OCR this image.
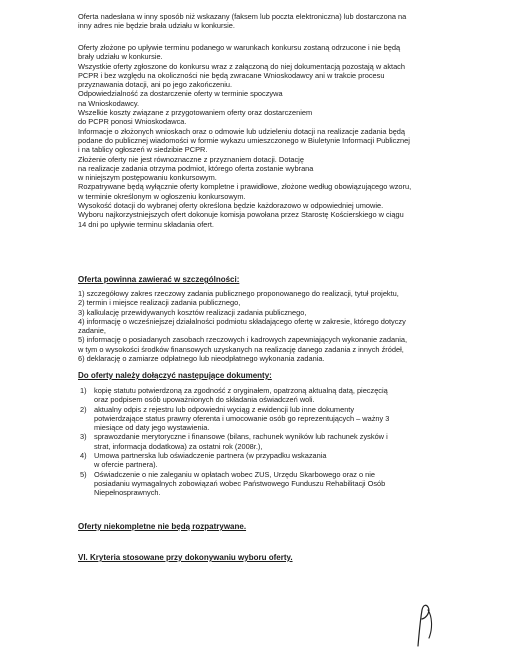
Oferta nadesłana w inny sposób niż wskazany (faksem lub poczta elektroniczna) lub dostarczona na
inny adres nie będzie brała udziału w konkursie.

Oferty złożone po upływie terminu podanego w warunkach konkursu zostaną odrzucone i nie będą
brały udziału w konkursie.
Wszystkie oferty zgłoszone do konkursu wraz z załączoną do niej dokumentacją pozostają w aktach
PCPR i bez względu na okoliczności nie będą zwracane Wnioskodawcy ani w trakcie procesu
przyznawania dotacji, ani po jego zakończeniu.
Odpowiedzialność za dostarczenie oferty w terminie spoczywa
na Wnioskodawcy.
Wszelkie koszty związane z przygotowaniem oferty oraz dostarczeniem
do PCPR ponosi Wnioskodawca.
Informacje o złożonych wnioskach oraz o odmowie lub udzieleniu dotacji na realizacje zadania będą
podane do publicznej wiadomości w formie wykazu umieszczonego w Biuletynie Informacji Publicznej
i na tablicy ogłoszeń w siedzibie PCPR.
Złożenie oferty nie jest równoznaczne z przyznaniem dotacji. Dotację
na realizacje zadania otrzyma podmiot, którego oferta zostanie wybrana
w niniejszym postępowaniu konkursowym.
Rozpatrywane będą wyłącznie oferty kompletne i prawidłowe, złożone według obowiązującego wzoru,
w terminie określonym w ogłoszeniu konkursowym.
Wysokość dotacji do wybranej oferty określona będzie każdorazowo w odpowiedniej umowie.
Wyboru najkorzystniejszych ofert dokonuje komisja powołana przez Starostę Kościerskiego w ciągu
14 dni po upływie terminu składania ofert.

Oferta powinna zawierać w szczególności:

1) szczegółowy zakres rzeczowy zadania publicznego proponowanego do realizacji, tytuł projektu,
2) termin i miejsce realizacji zadania publicznego,
3) kalkulację przewidywanych kosztów realizacji zadania publicznego,
4) informację o wcześniejszej działalności podmiotu składającego ofertę w zakresie, którego dotyczy
zadanie,
5) informację o posiadanych zasobach rzeczowych i kadrowych zapewniających wykonanie zadania,
w tym o wysokości środków finansowych uzyskanych na realizację danego zadania z innych źródeł,
6) deklarację o zamiarze odpłatnego lub nieodpłatnego wykonania zadania.

Do oferty należy dołączyć następujące dokumenty:

1)	kopię statutu potwierdzoną za zgodność z oryginałem, opatrzoną aktualną datą, pieczęcią
oraz podpisem osób upoważnionych do składania oświadczeń woli.
2)	aktualny odpis z rejestru lub odpowiedni wyciąg z ewidencji lub inne dokumenty
potwierdzające status prawny oferenta i umocowanie osób go reprezentujących – ważny 3
miesiące od daty jego wystawienia.
3)	sprawozdanie merytoryczne i finansowe (bilans, rachunek wyników lub rachunek zysków i
strat, informacja dodatkowa) za ostatni rok (2008r.),
4)	Umowa partnerska lub oświadczenie partnera (w przypadku wskazania
w ofercie partnera).
5)	Oświadczenie o nie zaleganiu w opłatach wobec ZUS, Urzędu Skarbowego oraz o nie
posiadaniu wymagalnych zobowiązań wobec Państwowego Funduszu Rehabilitacji Osób
Niepełnosprawnych.

Oferty niekompletne nie będą rozpatrywane.

VI. Kryteria stosowane przy dokonywaniu wyboru oferty.
